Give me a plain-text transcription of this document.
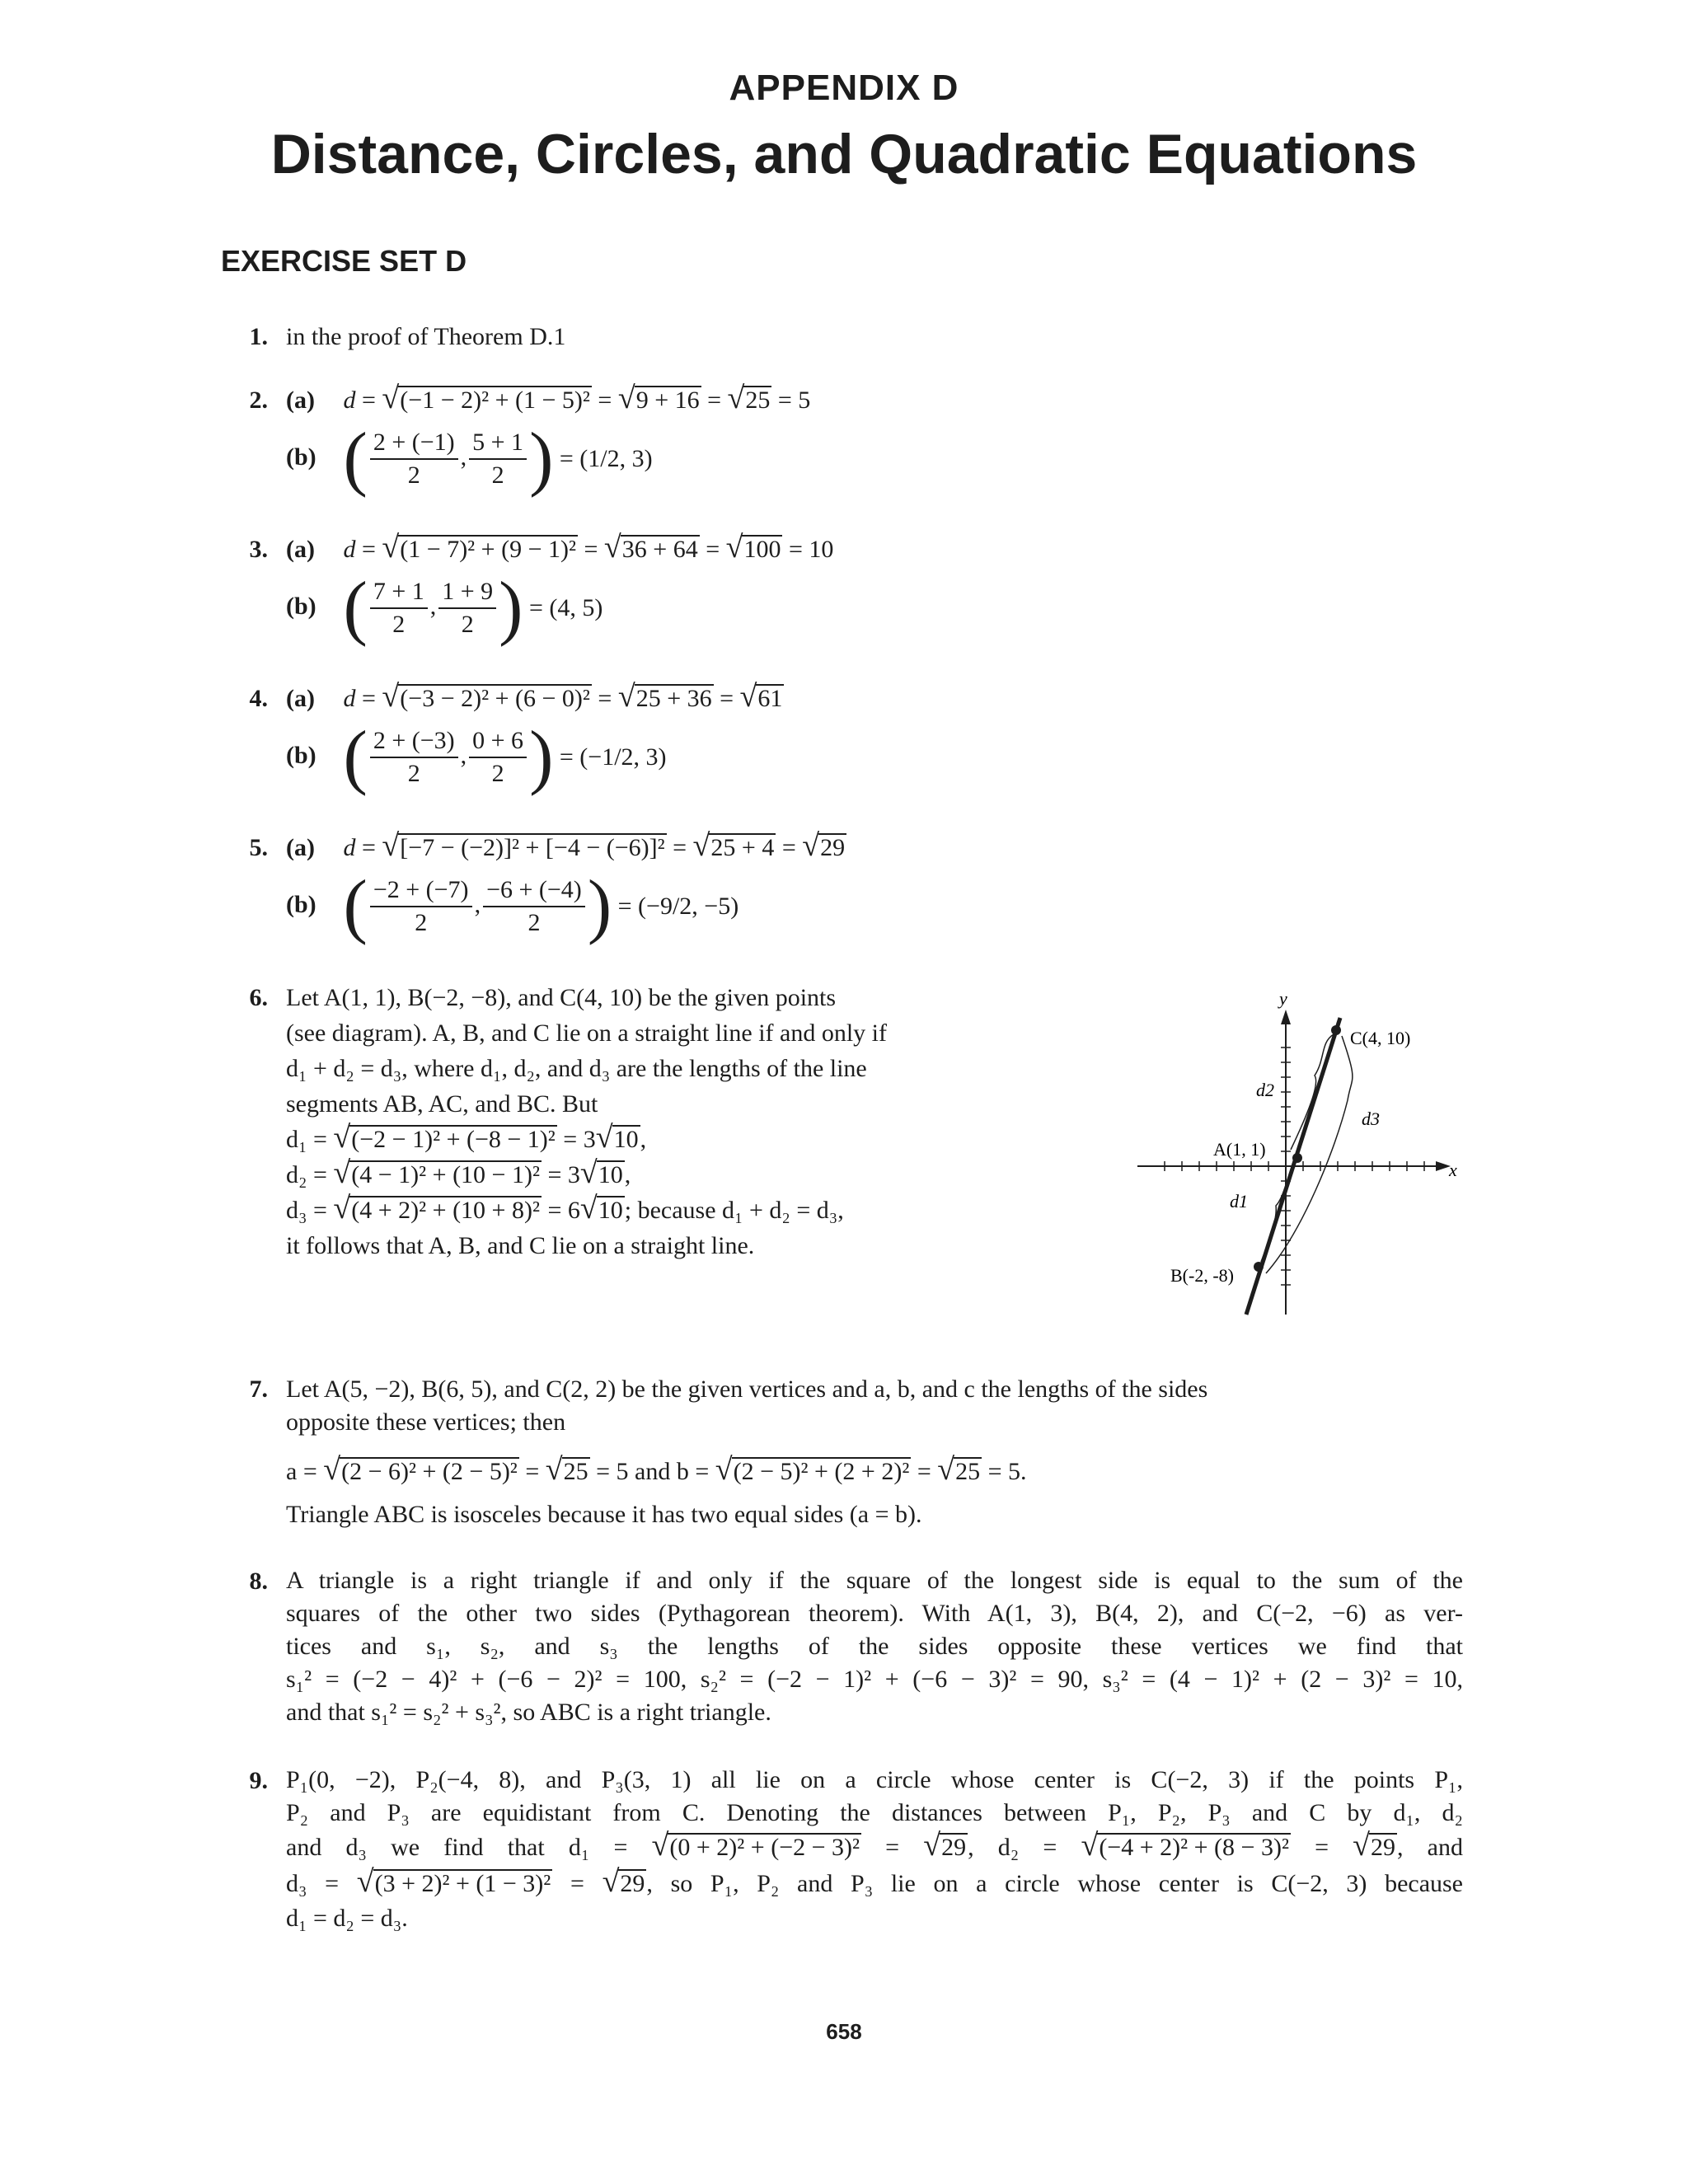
APPENDIX D
Distance, Circles, and Quadratic Equations
EXERCISE SET D
1. in the proof of Theorem D.1
2. (a) d = √(−1 − 2)² + (1 − 5)² = √9 + 16 = √25 = 5
(b) ( $\frac{2 + (-1)}{2}$ , $\frac{5 + 1}{2}$ ) = (1/2, 3)
3. (a) d = √(1 − 7)² + (9 − 1)² = √36 + 64 = √100 = 10
(b) ( $\frac{7 + 1}{2}$ , $\frac{1 + 9}{2}$ ) = (4, 5)
4. (a) d = √(−3 − 2)² + (6 − 0)² = √25 + 36 = √61
(b) ( $\frac{2 + (-3)}{2}$ , $\frac{0 + 6}{2}$ ) = (−1/2, 3)
5. (a) d = √[−7 − (−2)]² + [−4 − (−6)]² = √25 + 4 = √29
(b) ( $\frac{-2 + (-7)}{2}$ , $\frac{-6 + (-4)}{2}$ ) = (−9/2, −5)
6. Let A(1, 1), B(−2, −8), and C(4, 10) be the given points
(see diagram). A, B, and C lie on a straight line if and only if
d₁ + d₂ = d₃, where d₁, d₂, and d₃ are the lengths of the line
segments AB, AC, and BC. But
d₁ = √(−2 − 1)² + (−8 − 1)² = 3√10,
d₂ = √(4 − 1)² + (10 − 1)² = 3√10,
d₃ = √(4 + 2)² + (10 + 8)² = 6√10; because d₁ + d₂ = d₃,
it follows that A, B, and C lie on a straight line.
y
x
C(4, 10)
A(1, 1)
B(-2, -8)
d2
d1
d3
7. Let A(5, −2), B(6, 5), and C(2, 2) be the given vertices and a, b, and c the lengths of the sides
opposite these vertices; then
a = √(2 − 6)² + (2 − 5)² = √25 = 5 and b = √(2 − 5)² + (2 + 2)² = √25 = 5.
Triangle ABC is isosceles because it has two equal sides (a = b).
8. A triangle is a right triangle if and only if the square of the longest side is equal to the sum of the
squares of the other two sides (Pythagorean theorem). With A(1, 3), B(4, 2), and C(−2, −6) as ver-
tices and s₁, s₂, and s₃ the lengths of the sides opposite these vertices we find that
s₁² = (−2 − 4)² + (−6 − 2)² = 100, s₂² = (−2 − 1)² + (−6 − 3)² = 90, s₃² = (4 − 1)² + (2 − 3)² = 10,
and that s₁² = s₂² + s₃², so ABC is a right triangle.
9. P₁(0, −2), P₂(−4, 8), and P₃(3, 1) all lie on a circle whose center is C(−2, 3) if the points P₁,
P₂ and P₃ are equidistant from C. Denoting the distances between P₁, P₂, P₃ and C by d₁, d₂
and d₃ we find that d₁ = √(0 + 2)² + (−2 − 3)² = √29, d₂ = √(−4 + 2)² + (8 − 3)² = √29, and
d₃ = √(3 + 2)² + (1 − 3)² = √29, so P₁, P₂ and P₃ lie on a circle whose center is C(−2, 3) because
d₁ = d₂ = d₃.
658
